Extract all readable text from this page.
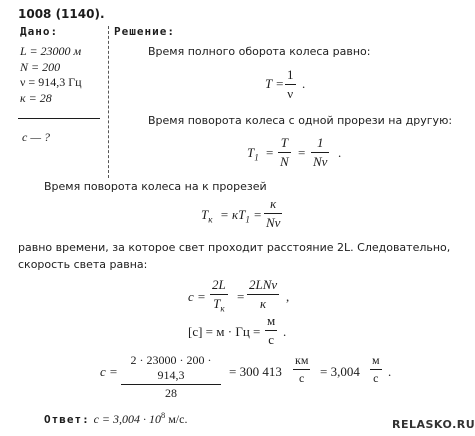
1008 (1140).
Дано:
L = 23000 м
N = 200
ν = 914,3 Гц
к = 28
c — ?
Решение:
Время полного оборота колеса равно:
$T = \frac{1}{\nu}$ .
Время поворота колеса с одной прорези на другую:
$T_1 = \frac{T}{N} = \frac{1}{N\nu}$ .
Время поворота колеса на к прорезей
$T_к = кT_1$ =
к
Nν
равно времени, за которое свет проходит расстояние 2L. Следовательно,
скорость света равна:
c =
2L
$T_к$
=
2LNν
к	,
[c] = м · Гц =
м
с
.
$c = \frac{2 \cdot 23000 \cdot 200 \cdot 914,3}{28} = 300$ 413
км
с	= 3,004
м
с .
Ответ: $c = 3,004 \cdot 10^8$ м/с.	RELASKO.RU
